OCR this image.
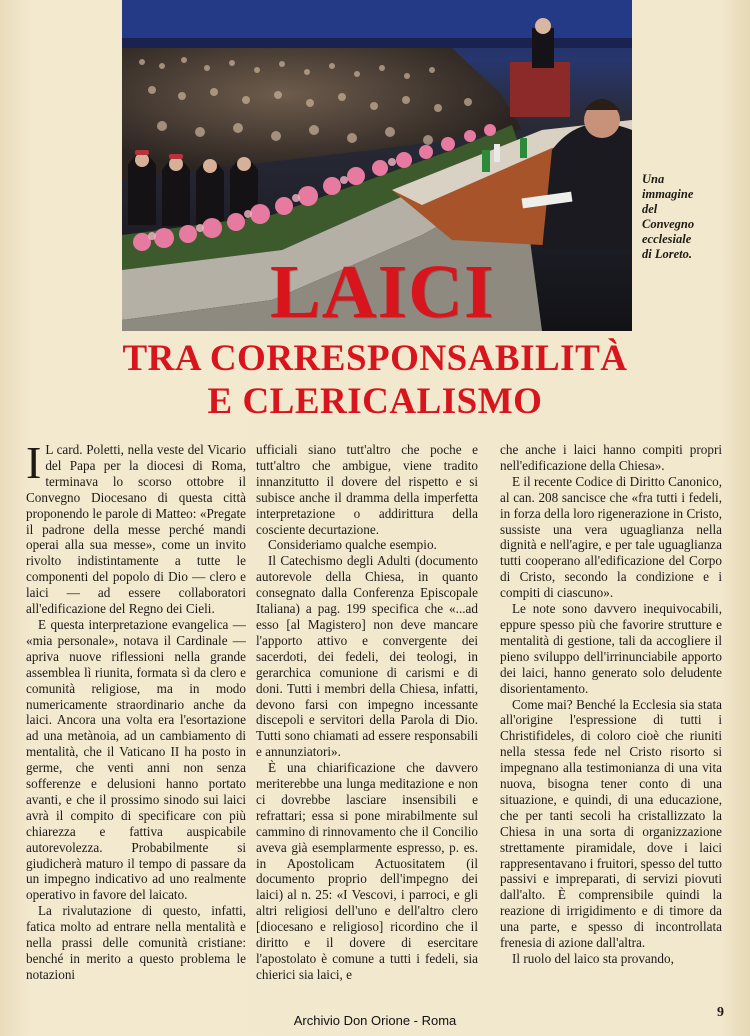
Una
immagine
del
Convegno
ecclesiale
di Loreto.
LAICI
TRA CORRESPONSABILITÀ
E CLERICALISMO
I L card. Poletti, nella veste del Vicario del Papa per la diocesi di Roma, terminava lo scorso ottobre il Convegno Diocesano di questa città proponendo le parole di Matteo: «Pregate il padrone della messe perché mandi operai alla sua messe», come un invito rivolto indistintamente a tutte le componenti del popolo di Dio — clero e laici — ad essere collaboratori all'edificazione del Regno dei Cieli.

E questa interpretazione evangelica — «mia personale», notava il Cardinale — apriva nuove riflessioni nella grande assemblea lì riunita, formata sì da clero e comunità religiose, ma in modo numericamente straordinario anche da laici. Ancora una volta era l'esortazione ad una metànoia, ad un cambiamento di mentalità, che il Vaticano II ha posto in germe, che venti anni non senza sofferenze e delusioni hanno portato avanti, e che il prossimo sinodo sui laici avrà il compito di specificare con più chiarezza e fattiva auspicabile autorevolezza. Probabilmente si giudicherà maturo il tempo di passare da un impegno indicativo ad uno realmente operativo in favore del laicato.

La rivalutazione di questo, infatti, fatica molto ad entrare nella mentalità e nella prassi delle comunità cristiane: benché in merito a questo problema le notazioni

ufficiali siano tutt'altro che poche e tutt'altro che ambigue, viene tradito innanzitutto il dovere del rispetto e si subisce anche il dramma della imperfetta interpretazione o addirittura della cosciente decurtazione.

Consideriamo qualche esempio.

Il Catechismo degli Adulti (documento autorevole della Chiesa, in quanto consegnato dalla Conferenza Episcopale Italiana) a pag. 199 specifica che «...ad esso [al Magistero] non deve mancare l'apporto attivo e convergente dei sacerdoti, dei fedeli, dei teologi, in gerarchica comunione di carismi e di doni. Tutti i membri della Chiesa, infatti, devono farsi con impegno incessante discepoli e servitori della Parola di Dio. Tutti sono chiamati ad essere responsabili e annunziatori».

È una chiarificazione che davvero meriterebbe una lunga meditazione e non ci dovrebbe lasciare insensibili e refrattari; essa si pone mirabilmente sul cammino di rinnovamento che il Concilio aveva già esemplarmente espresso, p. es. in Apostolicam Actuositatem (il documento proprio dell'impegno dei laici) al n. 25: «I Vescovi, i parroci, e gli altri religiosi dell'uno e dell'altro clero [diocesano e religioso] ricordino che il diritto e il dovere di esercitare l'apostolato è comune a tutti i fedeli, sia chierici sia laici, e

che anche i laici hanno compiti propri nell'edificazione della Chiesa».

E il recente Codice di Diritto Canonico, al can. 208 sancisce che «fra tutti i fedeli, in forza della loro rigenerazione in Cristo, sussiste una vera uguaglianza nella dignità e nell'agire, e per tale uguaglianza tutti cooperano all'edificazione del Corpo di Cristo, secondo la condizione e i compiti di ciascuno».

Le note sono davvero inequivocabili, eppure spesso più che favorire strutture e mentalità di gestione, tali da accogliere il pieno sviluppo dell'irrinunciabile apporto dei laici, hanno generato solo deludente disorientamento.

Come mai? Benché la Ecclesia sia stata all'origine l'espressione di tutti i Christifideles, di coloro cioè che riuniti nella stessa fede nel Cristo risorto si impegnano alla testimonianza di una vita nuova, bisogna tener conto di una situazione, e quindi, di una educazione, che per tanti secoli ha cristallizzato la Chiesa in una sorta di organizzazione strettamente piramidale, dove i laici rappresentavano i fruitori, spesso del tutto passivi e impreparati, di servizi piovuti dall'alto. È comprensibile quindi la reazione di irrigidimento e di timore da una parte, e spesso di incontrollata frenesia di azione dall'altra.

Il ruolo del laico sta provando,

Archivio Don Orione - Roma
9
